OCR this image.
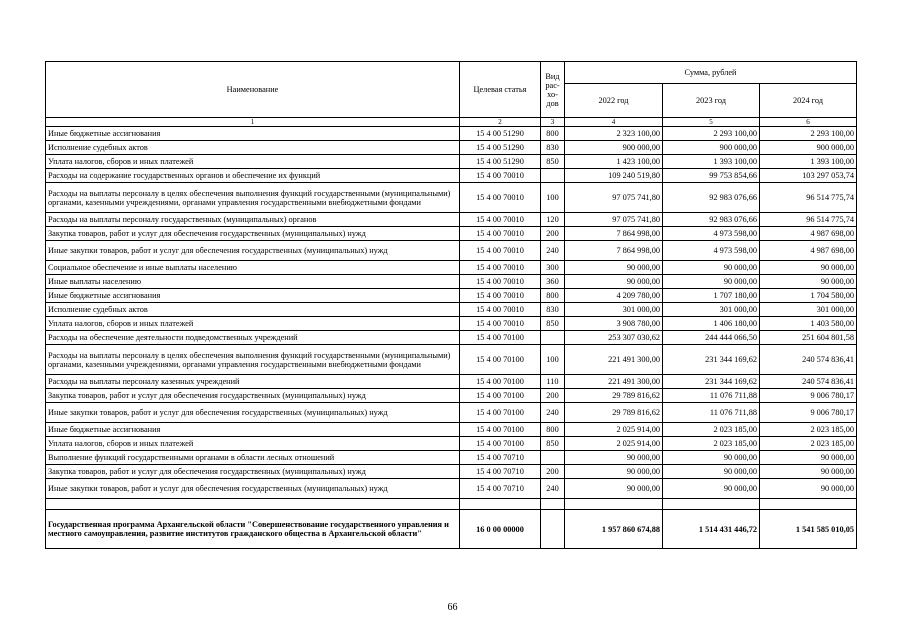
Наименование	Целевая статья	Вид рас-хо-дов	Сумма, рублей		
			2022 год	2023 год	2024 год
1	2	3	4	5	6
Иные бюджетные ассигнования	15 4 00 51290	800	2 323 100,00	2 293 100,00	2 293 100,00
Исполнение судебных актов	15 4 00 51290	830	900 000,00	900 000,00	900 000,00
Уплата налогов, сборов и иных платежей	15 4 00 51290	850	1 423 100,00	1 393 100,00	1 393 100,00
Расходы на содержание государственных органов и обеспечение их функций	15 4 00 70010		109 240 519,80	99 753 854,66	103 297 053,74
Расходы на выплаты персоналу в целях обеспечения выполнения функций государственными (муниципальными) органами, казенными учреждениями, органами управления государственными внебюджетными фондами	15 4 00 70010	100	97 075 741,80	92 983 076,66	96 514 775,74
Расходы на выплаты персоналу государственных (муниципальных) органов	15 4 00 70010	120	97 075 741,80	92 983 076,66	96 514 775,74
Закупка товаров, работ и услуг для обеспечения государственных (муниципальных) нужд	15 4 00 70010	200	7 864 998,00	4 973 598,00	4 987 698,00
Иные закупки товаров, работ и услуг для обеспечения государственных (муниципальных) нужд	15 4 00 70010	240	7 864 998,00	4 973 598,00	4 987 698,00
Социальное обеспечение и иные выплаты населению	15 4 00 70010	300	90 000,00	90 000,00	90 000,00
Иные выплаты населению	15 4 00 70010	360	90 000,00	90 000,00	90 000,00
Иные бюджетные ассигнования	15 4 00 70010	800	4 209 780,00	1 707 180,00	1 704 580,00
Исполнение судебных актов	15 4 00 70010	830	301 000,00	301 000,00	301 000,00
Уплата налогов, сборов и иных платежей	15 4 00 70010	850	3 908 780,00	1 406 180,00	1 403 580,00
Расходы на обеспечение деятельности подведомственных учреждений	15 4 00 70100		253 307 030,62	244 444 066,50	251 604 801,58
Расходы на выплаты персоналу в целях обеспечения выполнения функций государственными (муниципальными) органами, казенными учреждениями, органами управления государственными внебюджетными фондами	15 4 00 70100	100	221 491 300,00	231 344 169,62	240 574 836,41
Расходы на выплаты персоналу казенных учреждений	15 4 00 70100	110	221 491 300,00	231 344 169,62	240 574 836,41
Закупка товаров, работ и услуг для обеспечения государственных (муниципальных) нужд	15 4 00 70100	200	29 789 816,62	11 076 711,88	9 006 780,17
Иные закупки товаров, работ и услуг для обеспечения государственных (муниципальных) нужд	15 4 00 70100	240	29 789 816,62	11 076 711,88	9 006 780,17
Иные бюджетные ассигнования	15 4 00 70100	800	2 025 914,00	2 023 185,00	2 023 185,00
Уплата налогов, сборов и иных платежей	15 4 00 70100	850	2 025 914,00	2 023 185,00	2 023 185,00
Выполнение функций государственными органами в области лесных отношений	15 4 00 70710		90 000,00	90 000,00	90 000,00
Закупка товаров, работ и услуг для обеспечения государственных (муниципальных) нужд	15 4 00 70710	200	90 000,00	90 000,00	90 000,00
Иные закупки товаров, работ и услуг для обеспечения государственных (муниципальных) нужд	15 4 00 70710	240	90 000,00	90 000,00	90 000,00

Государственная программа Архангельской области "Совершенствование государственного управления и местного самоуправления, развитие институтов гражданского общества в Архангельской области"	16 0 00 00000		1 957 860 674,88	1 514 431 446,72	1 541 585 010,05
66
